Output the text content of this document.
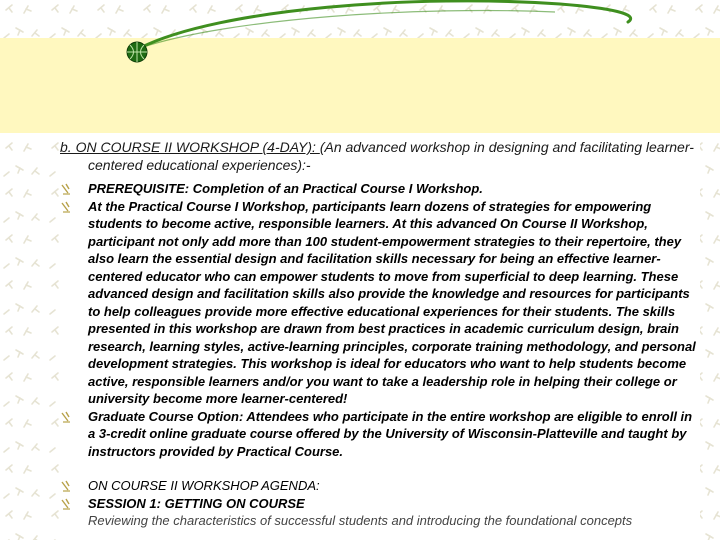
b. ON COURSE II WORKSHOP (4-DAY): (An advanced workshop in designing and facilitating learner-centered educational experiences):-

PREREQUISITE: Completion of an Practical Course I Workshop.

At the Practical Course I Workshop, participants learn dozens of strategies for empowering students to become active, responsible learners. At this advanced On Course II Workshop, participant not only add more than 100 student-empowerment strategies to their repertoire, they also learn the essential design and facilitation skills necessary for being an effective learner-centered educator who can empower students to move from superficial to deep learning. These advanced design and facilitation skills also provide the knowledge and resources for participants to help colleagues provide more effective educational experiences for their students. The skills presented in this workshop are drawn from best practices in academic curriculum design, brain research, learning styles, active-learning principles, corporate training methodology, and personal development strategies. This workshop is ideal for educators who want to help students become active, responsible learners and/or you want to take a leadership role in helping their college or university become more learner-centered!

Graduate Course Option: Attendees who participate in the entire workshop are eligible to enroll in a 3-credit online graduate course offered by the University of Wisconsin-Platteville and taught by instructors provided by Practical Course.

ON COURSE II WORKSHOP AGENDA:

SESSION 1: GETTING ON COURSE

Reviewing the characteristics of successful students and introducing the foundational concepts
